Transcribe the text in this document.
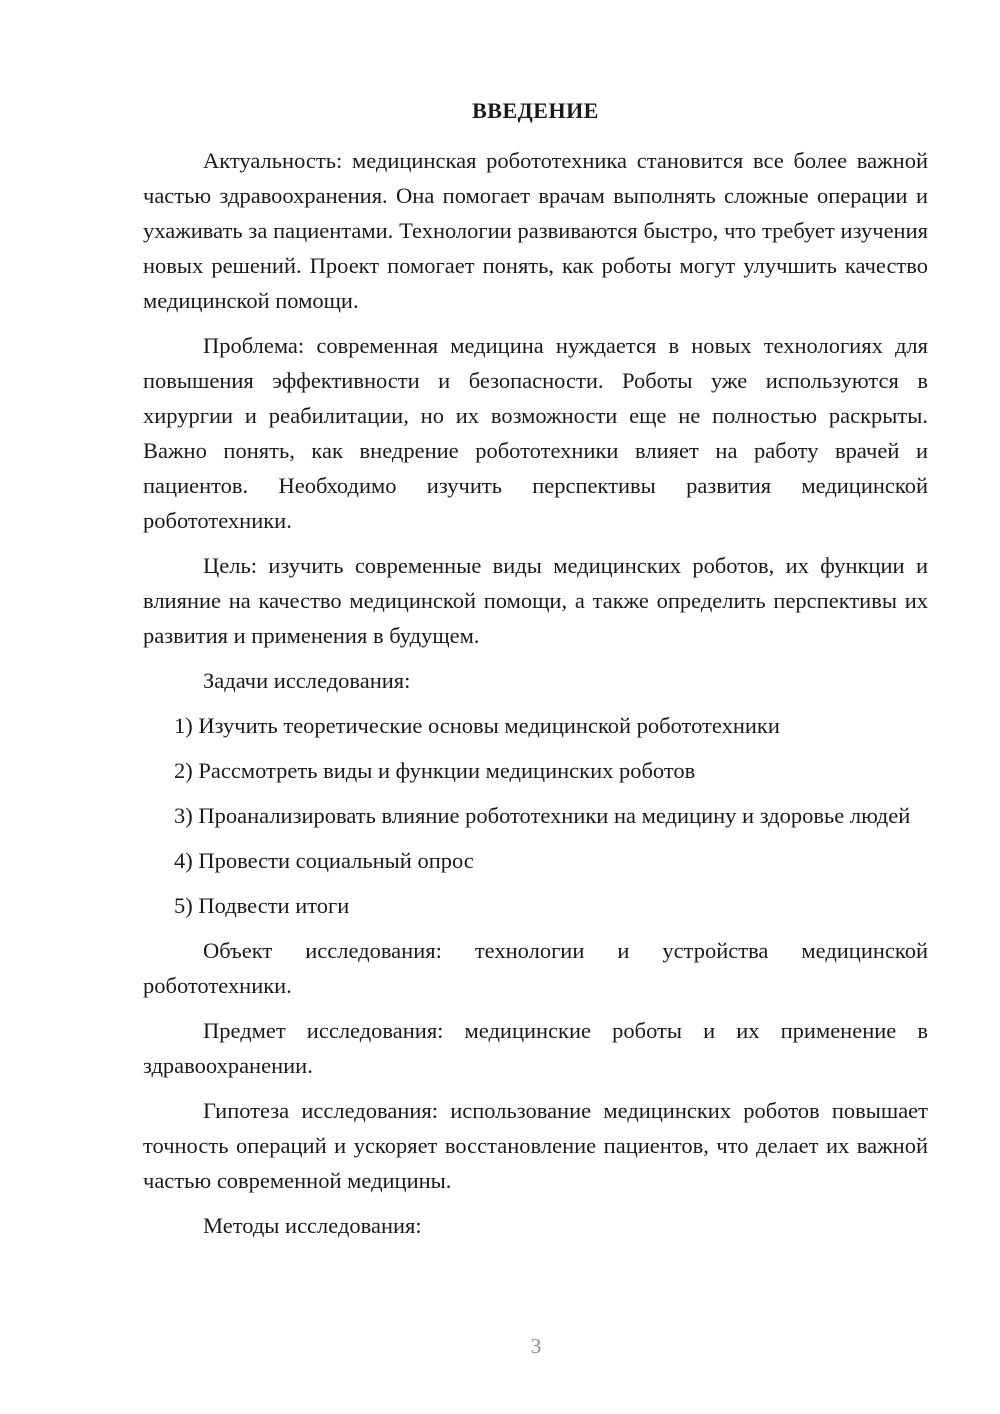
ВВЕДЕНИЕ

Актуальность: медицинская робототехника становится все более важной частью здравоохранения. Она помогает врачам выполнять сложные операции и ухаживать за пациентами. Технологии развиваются быстро, что требует изучения новых решений. Проект помогает понять, как роботы могут улучшить качество медицинской помощи.

Проблема: современная медицина нуждается в новых технологиях для повышения эффективности и безопасности. Роботы уже используются в хирургии и реабилитации, но их возможности еще не полностью раскрыты. Важно понять, как внедрение робототехники влияет на работу врачей и пациентов. Необходимо изучить перспективы развития медицинской робототехники.

Цель: изучить современные виды медицинских роботов, их функции и влияние на качество медицинской помощи, а также определить перспективы их развития и применения в будущем.

Задачи исследования:

1) Изучить теоретические основы медицинской робототехники

2) Рассмотреть виды и функции медицинских роботов

3) Проанализировать влияние робототехники на медицину и здоровье людей

4) Провести социальный опрос

5) Подвести итоги

Объект исследования: технологии и устройства медицинской робототехники.

Предмет исследования: медицинские роботы и их применение в здравоохранении.

Гипотеза исследования: использование медицинских роботов повышает точность операций и ускоряет восстановление пациентов, что делает их важной частью современной медицины.

Методы исследования:

3
